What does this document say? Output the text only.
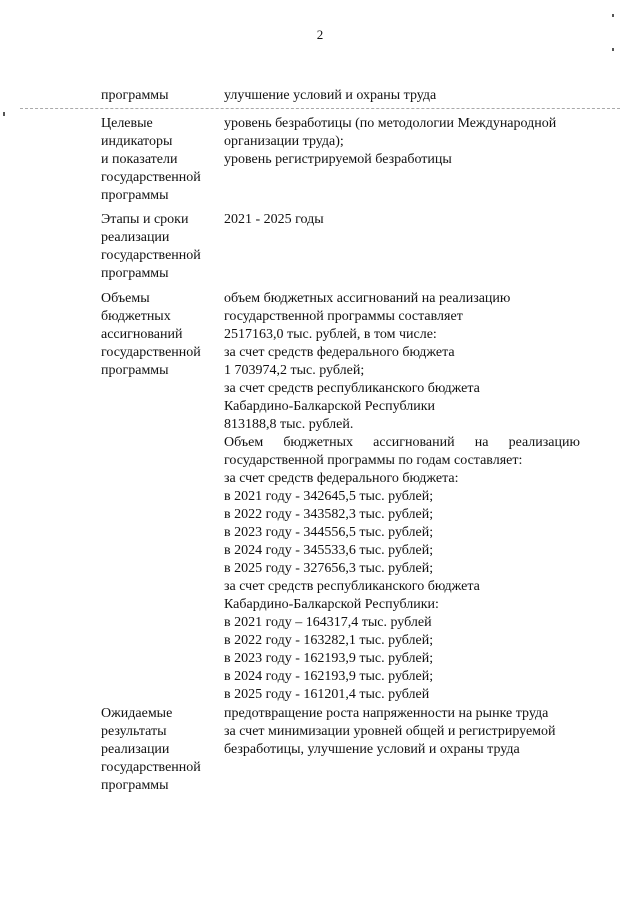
2
программы	улучшение условий и охраны труда
Целевые
индикаторы
и показатели
государственной
программы
уровень безработицы (по методологии Международной
организации труда);
уровень регистрируемой безработицы
Этапы и сроки
реализации
государственной
программы
2021 - 2025 годы
Объемы
бюджетных
ассигнований
государственной
программы
объем бюджетных ассигнований на реализацию
государственной программы составляет
2517163,0 тыс. рублей, в том числе:
за счет средств федерального бюджета
1 703974,2 тыс. рублей;
за счет средств республиканского бюджета
Кабардино-Балкарской Республики
813188,8 тыс. рублей.
Объем бюджетных ассигнований на реализацию
государственной программы по годам составляет:
за счет средств федерального бюджета:
в 2021 году - 342645,5 тыс. рублей;
в 2022 году - 343582,3 тыс. рублей;
в 2023 году - 344556,5 тыс. рублей;
в 2024 году - 345533,6 тыс. рублей;
в 2025 году - 327656,3 тыс. рублей;
за счет средств республиканского бюджета
Кабардино-Балкарской Республики:
в 2021 году – 164317,4 тыс. рублей
в 2022 году - 163282,1 тыс. рублей;
в 2023 году - 162193,9 тыс. рублей;
в 2024 году - 162193,9 тыс. рублей;
в 2025 году - 161201,4 тыс. рублей
Ожидаемые
результаты
реализации
государственной
программы
предотвращение роста напряженности на рынке труда
за счет минимизации уровней общей и регистрируемой
безработицы, улучшение условий и охраны труда
